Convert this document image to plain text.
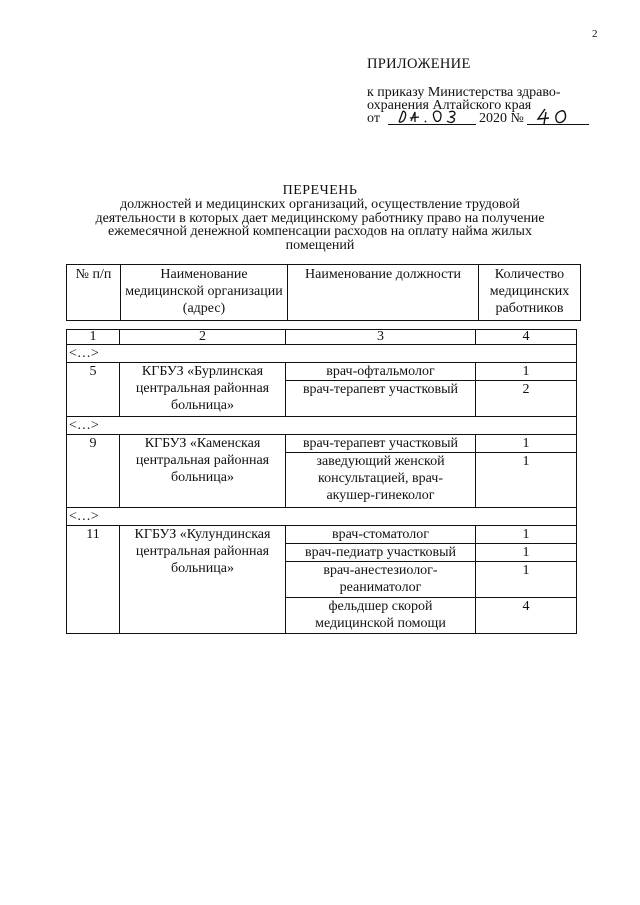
2
ПРИЛОЖЕНИЕ
к приказу Министерства здраво-
охранения Алтайского края
от	2020 №
ПЕРЕЧЕНЬ
должностей и медицинских организаций, осуществление трудовой
деятельности в которых дает медицинскому работнику право на получение
ежемесячной денежной компенсации расходов на оплату найма жилых
помещений
№ п/п	Наименование медицинской организации (адрес)	Наименование должности	Количество медицинских работников
1	2	3	4
<…>			
5	КГБУЗ «Бурлинская центральная районная больница»	врач-офтальмолог	1
		врач-терапевт участковый	2
<…>			
9	КГБУЗ «Каменская центральная районная больница»	врач-терапевт участковый	1
		заведующий женской консультацией, врач-акушер-гинеколог	1
<…>			
11	КГБУЗ «Кулундинская центральная районная больница»	врач-стоматолог	1
		врач-педиатр участковый	1
		врач-анестезиолог-реаниматолог	1
		фельдшер скорой медицинской помощи	4
